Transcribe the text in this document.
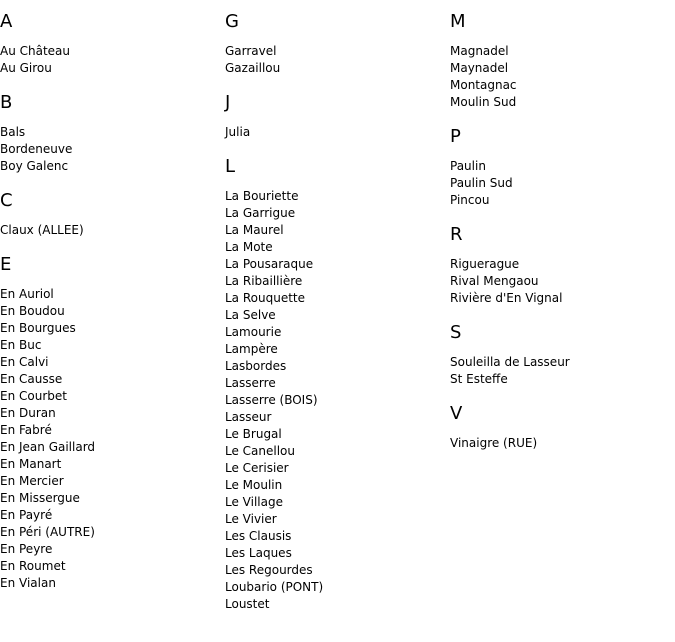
A
Au Château
Au Girou
B
Bals
Bordeneuve
Boy Galenc
C
Claux (ALLEE)
E
En Auriol
En Boudou
En Bourgues
En Buc
En Calvi
En Causse
En Courbet
En Duran
En Fabré
En Jean Gaillard
En Manart
En Mercier
En Missergue
En Payré
En Péri (AUTRE)
En Peyre
En Roumet
En Vialan
G
Garravel
Gazaillou
J
Julia
L
La Bouriette
La Garrigue
La Maurel
La Mote
La Pousaraque
La Ribaillière
La Rouquette
La Selve
Lamourie
Lampère
Lasbordes
Lasserre
Lasserre (BOIS)
Lasseur
Le Brugal
Le Canellou
Le Cerisier
Le Moulin
Le Village
Le Vivier
Les Clausis
Les Laques
Les Regourdes
Loubario (PONT)
Loustet
M
Magnadel
Maynadel
Montagnac
Moulin Sud
P
Paulin
Paulin Sud
Pincou
R
Riguerague
Rival Mengaou
Rivière d'En Vignal
S
Souleilla de Lasseur
St Esteffe
V
Vinaigre (RUE)
